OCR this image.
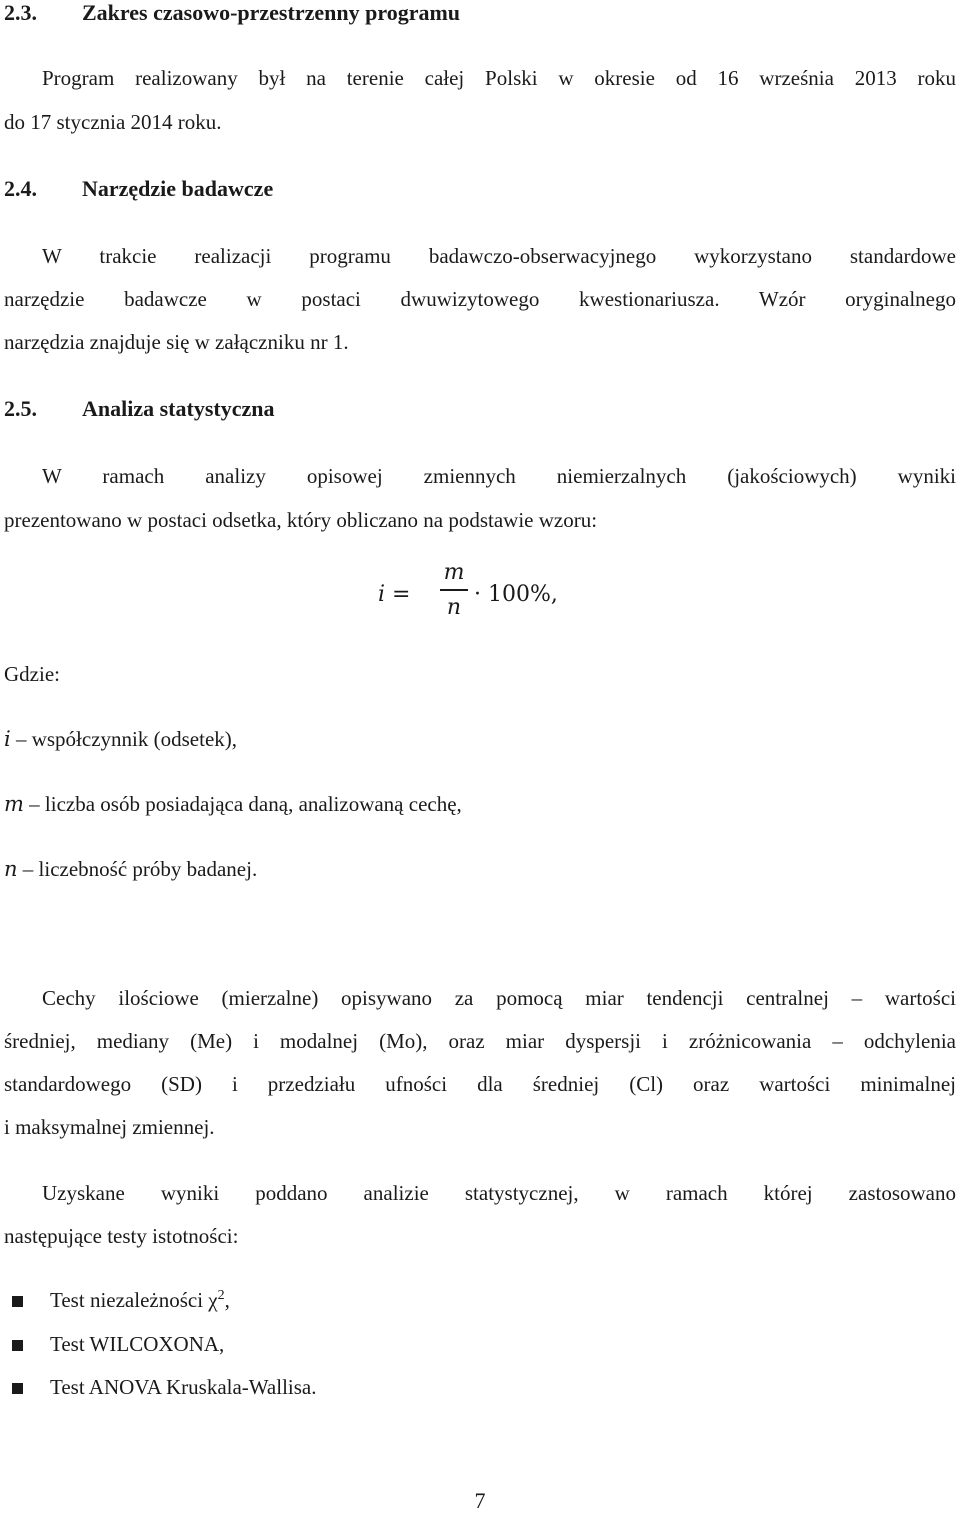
2.3. Zakres czasowo-przestrzenny programu
Program realizowany był na terenie całej Polski w okresie od 16 września 2013 roku
do 17 stycznia 2014 roku.
2.4. Narzędzie badawcze
W trakcie realizacji programu badawczo-obserwacyjnego wykorzystano standardowe
narzędzie badawcze w postaci dwuwizytowego kwestionariusza. Wzór oryginalnego
narzędzia znajduje się w załączniku nr 1.
2.5. Analiza statystyczna
W ramach analizy opisowej zmiennych niemierzalnych (jakościowych) wyniki
prezentowano w postaci odsetka, który obliczano na podstawie wzoru:
i =
m
n
· 100%,
Gdzie:
i – współczynnik (odsetek),
m – liczba osób posiadająca daną, analizowaną cechę,
n – liczebność próby badanej.
Cechy ilościowe (mierzalne) opisywano za pomocą miar tendencji centralnej – wartości
średniej, mediany (Me) i modalnej (Mo), oraz miar dyspersji i zróżnicowania – odchylenia
standardowego (SD) i przedziału ufności dla średniej (Cl) oraz wartości minimalnej
i maksymalnej zmiennej.
Uzyskane wyniki poddano analizie statystycznej, w ramach której zastosowano
następujące testy istotności:
Test niezależności $\chi^2$,
Test WILCOXONA,
Test ANOVA Kruskala-Wallisa.
7
